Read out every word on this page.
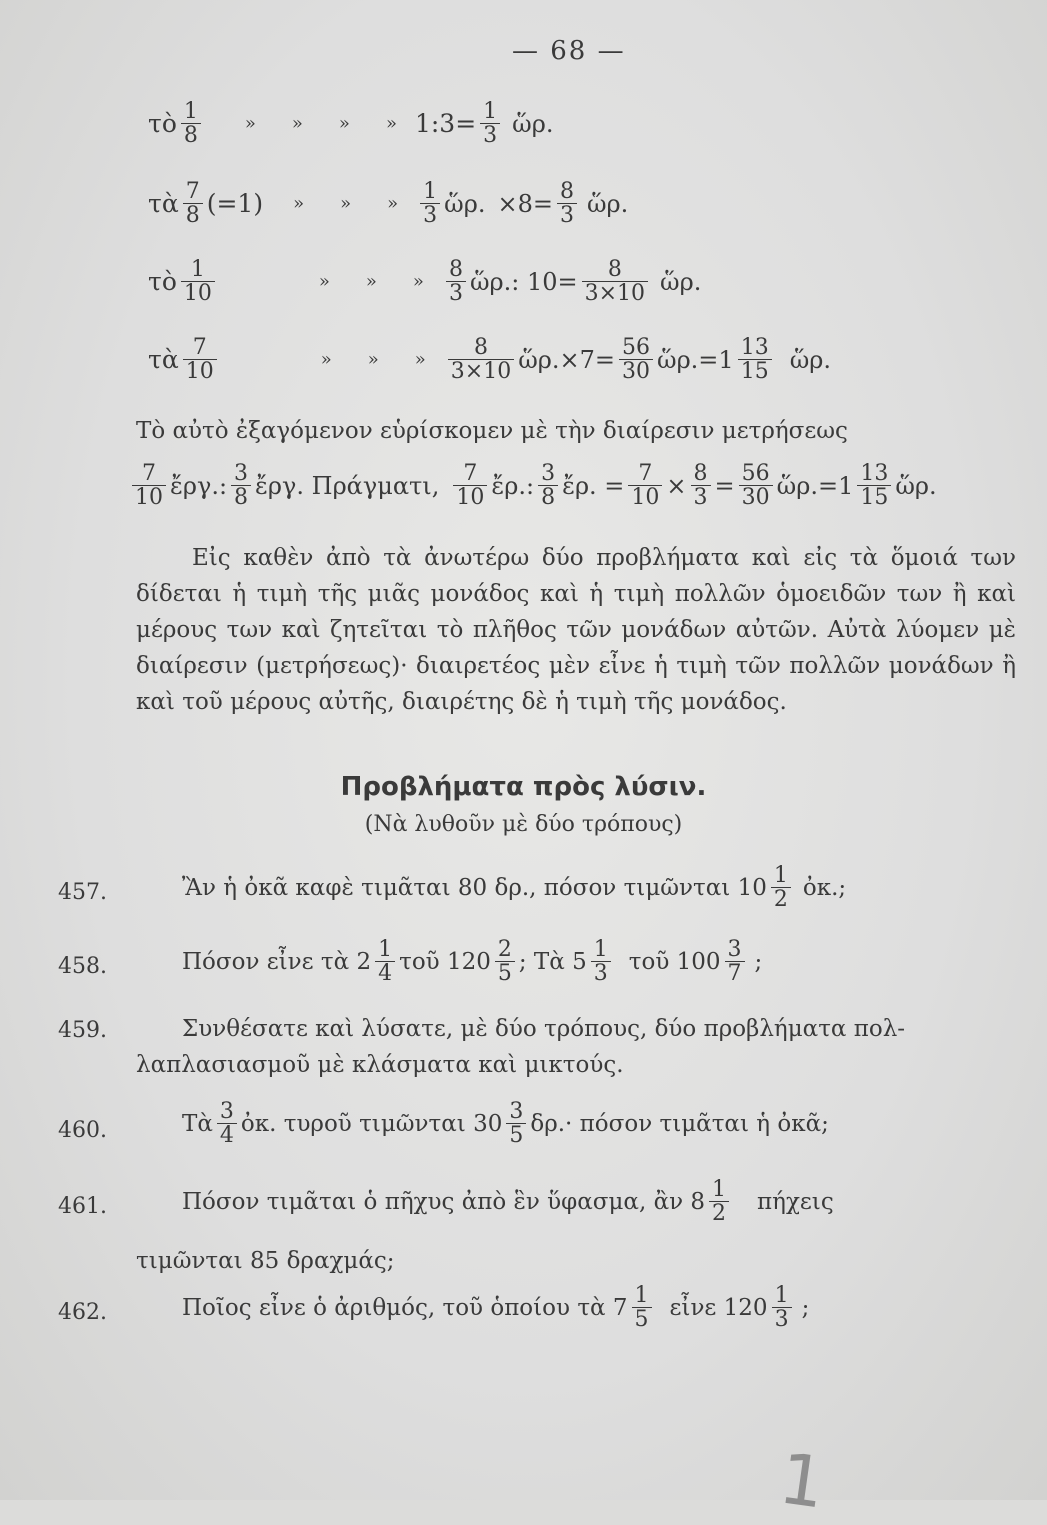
— 68 —
τὸ $\frac{1}{8}$ » » » » 1:3= $\frac{1}{3}$ ὥρ.
τὰ $\frac{7}{8} (=1)$ » » » $\frac{1}{3}$ ὥρ. $\times 8= \frac{8}{3}$ ὥρ.
τὸ $\frac{1}{10}$	» » » $\frac{8}{3}$ ὥρ.: $10= \frac{8}{3\times 10}$ ὥρ.
τὰ $\frac{7}{10}$	» » » $\frac{8}{3\times 10}$ ὥρ.×7= $\frac{56}{30}$ ὥρ.= $1 \frac{13}{15}$ ὥρ.
Τὸ αὐτὸ ἐξαγόμενον εὑρίσκομεν μὲ τὴν διαίρεσιν μετρήσεως
$\frac{7}{10}$ ἔργ.: $\frac{3}{8}$ ἔργ. Πράγματι, $\frac{7}{10}$ ἔρ.: $\frac{3}{8}$ ἔρ. = $\frac{7}{10} \times \frac{8}{3} = \frac{56}{30}$ ὥρ.= $1 \frac{13}{15}$ ὥρ.
Εἰς καθὲν ἀπὸ τὰ ἀνωτέρω δύο προβλήματα καὶ εἰς τὰ ὅμοιά των δίδεται ἡ τιμὴ τῆς μιᾶς μονάδος καὶ ἡ τιμὴ πολλῶν ὁμοειδῶν των ἢ καὶ μέρους των καὶ ζητεῖται τὸ πλῆθος τῶν μονάδων αὐτῶν. Αὐτὰ λύομεν μὲ διαίρεσιν (μετρήσεως)· διαιρετέος μὲν εἶνε ἡ τιμὴ τῶν πολλῶν μονάδων ἢ καὶ τοῦ μέρους αὐτῆς, διαιρέτης δὲ ἡ τιμὴ τῆς μονάδος.
Προβλήματα πρὸς λύσιν.
(Νὰ λυθοῦν μὲ δύο τρόπους)
457.	Ἂν ἡ ὀκᾶ καφὲ τιμᾶται 80 δρ., πόσον τιμῶνται $10 \frac{1}{2}$ ὀκ.;
458.	Πόσον εἶνε τὰ $2 \frac{1}{4}$ τοῦ $120 \frac{2}{5}$ ; Τὰ $5 \frac{1}{3}$ τοῦ $100 \frac{3}{7}$ ;
459.	Συνθέσατε καὶ λύσατε, μὲ δύο τρόπους, δύο προβλήματα πολ-
λαπλασιασμοῦ μὲ κλάσματα καὶ μικτούς.
460.	Τὰ $\frac{3}{4}$ ὀκ. τυροῦ τιμῶνται $30 \frac{3}{5} \delta\rho.\cdot \pi ό\sigma o\nu$ τιμᾶται ἡ ὀκᾶ;
461.	Πόσον τιμᾶται ὁ πῆχυς ἀπὸ ἓν ὕφασμα, ἂν $8 \frac{1}{2}$ πήχεις
τιμῶνται 85 δραχμάς;
462.	Ποῖος εἶνε ὁ ἀριθμός, τοῦ ὁποίου τὰ $7 \frac{1}{5}$ εἶνε $120 \frac{1}{3}$ ;
1
